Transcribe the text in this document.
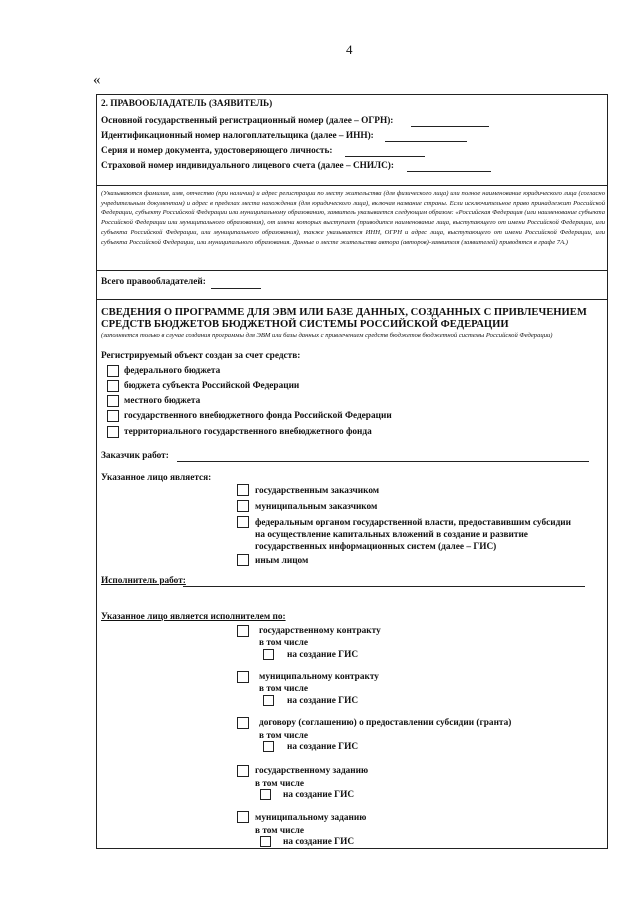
4
«
2. ПРАВООБЛАДАТЕЛЬ (ЗАЯВИТЕЛЬ)
Основной государственный регистрационный номер (далее – ОГРН):
Идентификационный номер налогоплательщика (далее – ИНН):
Серия и номер документа, удостоверяющего личность:
Страховой номер индивидуального лицевого счета (далее – СНИЛС):
(Указываются фамилия, имя, отчество (при наличии) и адрес регистрации по месту жительства (для физического лица) или полное наименование юридического лица (согласно учредительным документам) и адрес в пределах места нахождения (для юридического лица), включая название страны. Если исключительное право принадлежит Российской Федерации, субъекту Российской Федерации или муниципальному образованию, заявитель указывается следующим образом: «Российская Федерация (или наименование субъекта Российской Федерации или муниципального образования), от имени которых выступает (приводится наименование лица, выступающего от имени Российской Федерации, или субъекта Российской Федерации, или муниципального образования), также указывается ИНН, ОГРН и адрес лица, выступающего от имени Российской Федерации, или субъекта Российской Федерации, или муниципального образования. Данные о месте жительства автора (авторов)-заявителя (заявителей) приводятся в графе 7А.)
Всего правообладателей:
СВЕДЕНИЯ О ПРОГРАММЕ ДЛЯ ЭВМ ИЛИ БАЗЕ ДАННЫХ, СОЗДАННЫХ С ПРИВЛЕЧЕНИЕМ СРЕДСТВ БЮДЖЕТОВ БЮДЖЕТНОЙ СИСТЕМЫ РОССИЙСКОЙ ФЕДЕРАЦИИ
(заполняется только в случае создания программы для ЭВМ или базы данных с привлечением средств бюджетов бюджетной системы Российской Федерации)
Регистрируемый объект создан за счет средств:
федерального бюджета
бюджета субъекта Российской Федерации
местного бюджета
государственного внебюджетного фонда Российской Федерации
территориального государственного внебюджетного фонда
Заказчик работ:
Указанное лицо является:
государственным заказчиком
муниципальным заказчиком
федеральным органом государственной власти, предоставившим субсидии
на осуществление капитальных вложений в создание и развитие
государственных информационных систем (далее – ГИС)
иным лицом
Исполнитель работ:
Указанное лицо является исполнителем по:
государственному контракту
в том числе
на создание ГИС
муниципальному контракту
в том числе
на создание ГИС
договору (соглашению) о предоставлении субсидии (гранта)
в том числе
на создание ГИС
государственному заданию
в том числе
на создание ГИС
муниципальному заданию
в том числе
на создание ГИС
